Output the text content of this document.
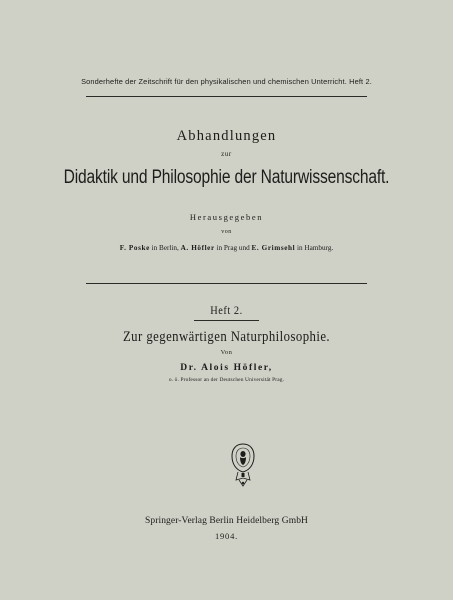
Sonderhefte der Zeitschrift für den physikalischen und chemischen Unterricht. Heft 2.
Abhandlungen
zur
Didaktik und Philosophie der Naturwissenschaft.
Herausgegeben
von
F. Poske in Berlin, A. Höfler in Prag und E. Grimsehl in Hamburg.
Heft 2.
Zur gegenwärtigen Naturphilosophie.
Von
Dr. Alois Höfler,
o. ö. Professor an der Deutschen Universität Prag.
Springer-Verlag Berlin Heidelberg GmbH
1904.
